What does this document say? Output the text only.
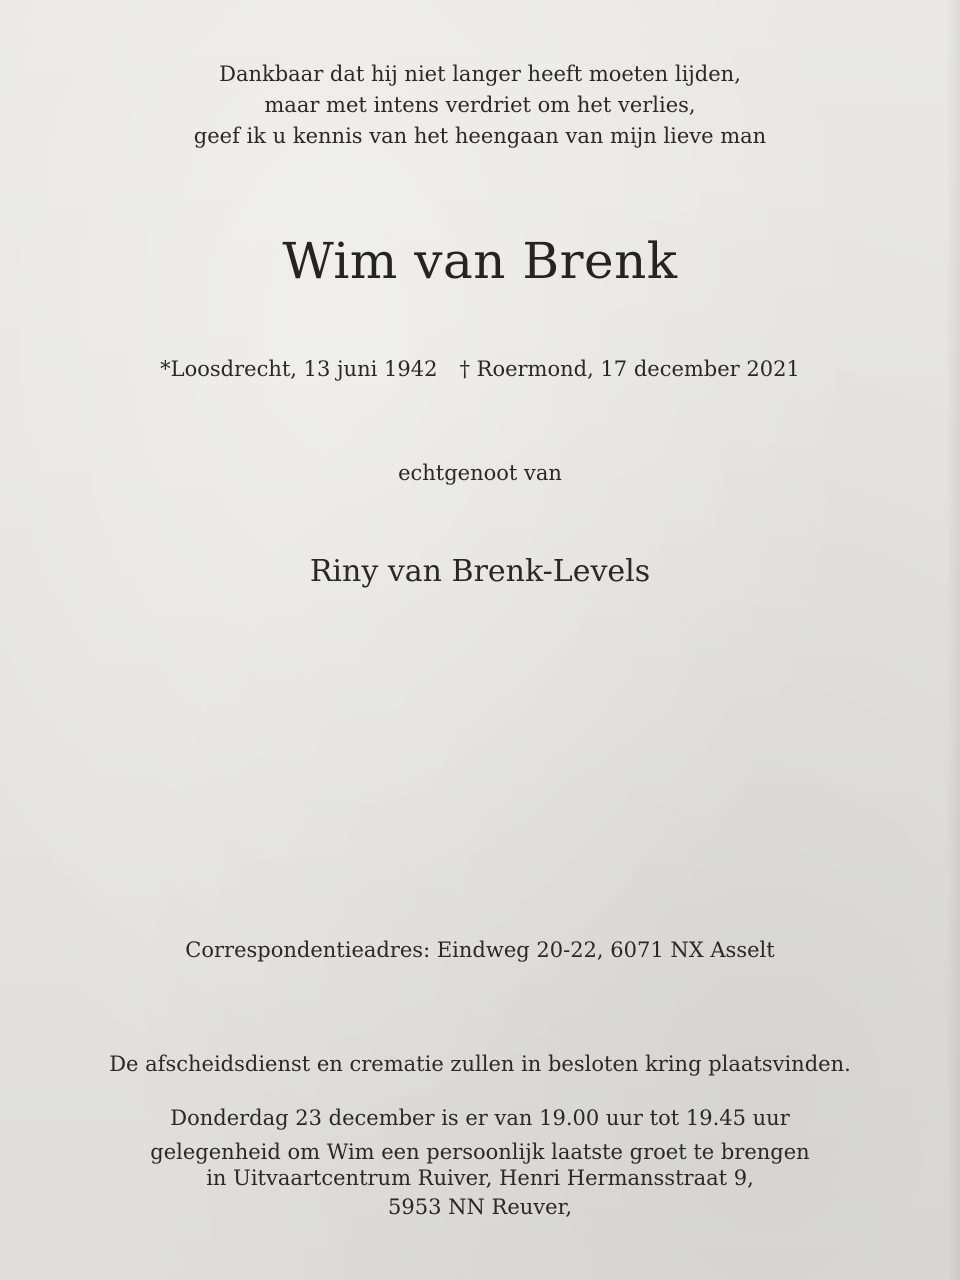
Dankbaar dat hij niet langer heeft moeten lijden,
maar met intens verdriet om het verlies,
geef ik u kennis van het heengaan van mijn lieve man
Wim van Brenk
*Loosdrecht, 13 juni 1942 † Roermond, 17 december 2021
echtgenoot van
Riny van Brenk-Levels
Correspondentieadres: Eindweg 20-22, 6071 NX Asselt
De afscheidsdienst en crematie zullen in besloten kring plaatsvinden.
Donderdag 23 december is er van 19.00 uur tot 19.45 uur
gelegenheid om Wim een persoonlijk laatste groet te brengen
in Uitvaartcentrum Ruiver, Henri Hermansstraat 9,
5953 NN Reuver,
